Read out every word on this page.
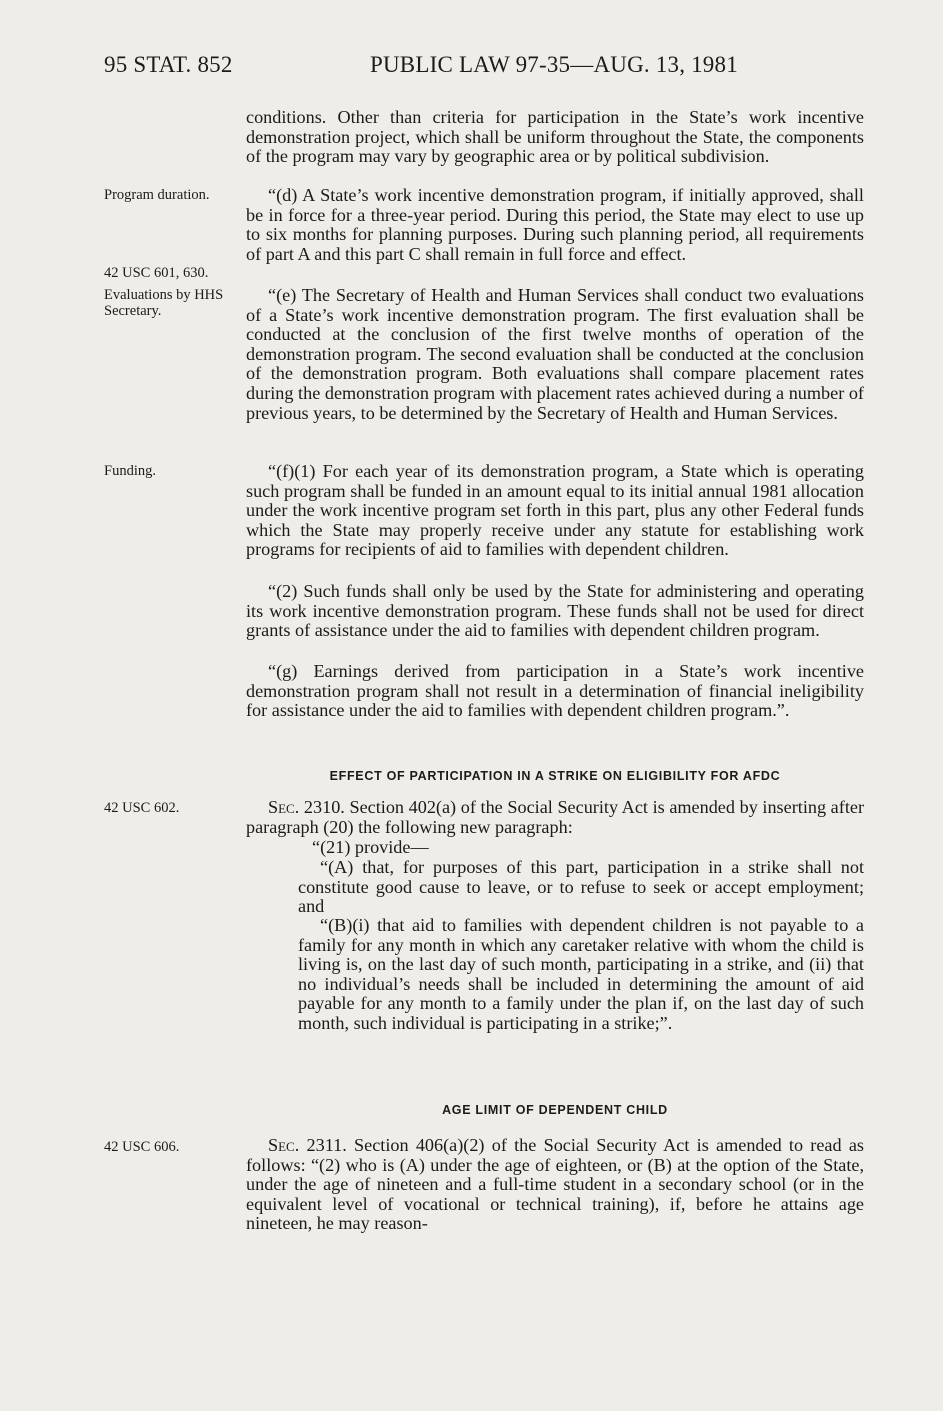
95 STAT. 852	PUBLIC LAW 97-35—AUG. 13, 1981
Program duration.
42 USC 601, 630.
Evaluations by HHS Secretary.
Funding.
42 USC 602.
42 USC 606.

conditions. Other than criteria for participation in the State’s work incentive demonstration project, which shall be uniform throughout the State, the components of the program may vary by geographic area or by political subdivision.

“(d) A State’s work incentive demonstration program, if initially approved, shall be in force for a three-year period. During this period, the State may elect to use up to six months for planning purposes. During such planning period, all requirements of part A and this part C shall remain in full force and effect.

“(e) The Secretary of Health and Human Services shall conduct two evaluations of a State’s work incentive demonstration program. The first evaluation shall be conducted at the conclusion of the first twelve months of operation of the demonstration program. The second evaluation shall be conducted at the conclusion of the demonstration program. Both evaluations shall compare placement rates during the demonstration program with placement rates achieved during a number of previous years, to be determined by the Secretary of Health and Human Services.

“(f)(1) For each year of its demonstration program, a State which is operating such program shall be funded in an amount equal to its initial annual 1981 allocation under the work incentive program set forth in this part, plus any other Federal funds which the State may properly receive under any statute for establishing work programs for recipients of aid to families with dependent children.

“(2) Such funds shall only be used by the State for administering and operating its work incentive demonstration program. These funds shall not be used for direct grants of assistance under the aid to families with dependent children program.

“(g) Earnings derived from participation in a State’s work incentive demonstration program shall not result in a determination of financial ineligibility for assistance under the aid to families with dependent children program.”.

EFFECT OF PARTICIPATION IN A STRIKE ON ELIGIBILITY FOR AFDC

Sec. 2310. Section 402(a) of the Social Security Act is amended by inserting after paragraph (20) the following new paragraph:

“(21) provide—

“(A) that, for purposes of this part, participation in a strike shall not constitute good cause to leave, or to refuse to seek or accept employment; and

“(B)(i) that aid to families with dependent children is not payable to a family for any month in which any caretaker relative with whom the child is living is, on the last day of such month, participating in a strike, and (ii) that no individual’s needs shall be included in determining the amount of aid payable for any month to a family under the plan if, on the last day of such month, such individual is participating in a strike;”.

AGE LIMIT OF DEPENDENT CHILD

Sec. 2311. Section 406(a)(2) of the Social Security Act is amended to read as follows: “(2) who is (A) under the age of eighteen, or (B) at the option of the State, under the age of nineteen and a full-time student in a secondary school (or in the equivalent level of vocational or technical training), if, before he attains age nineteen, he may reason-
